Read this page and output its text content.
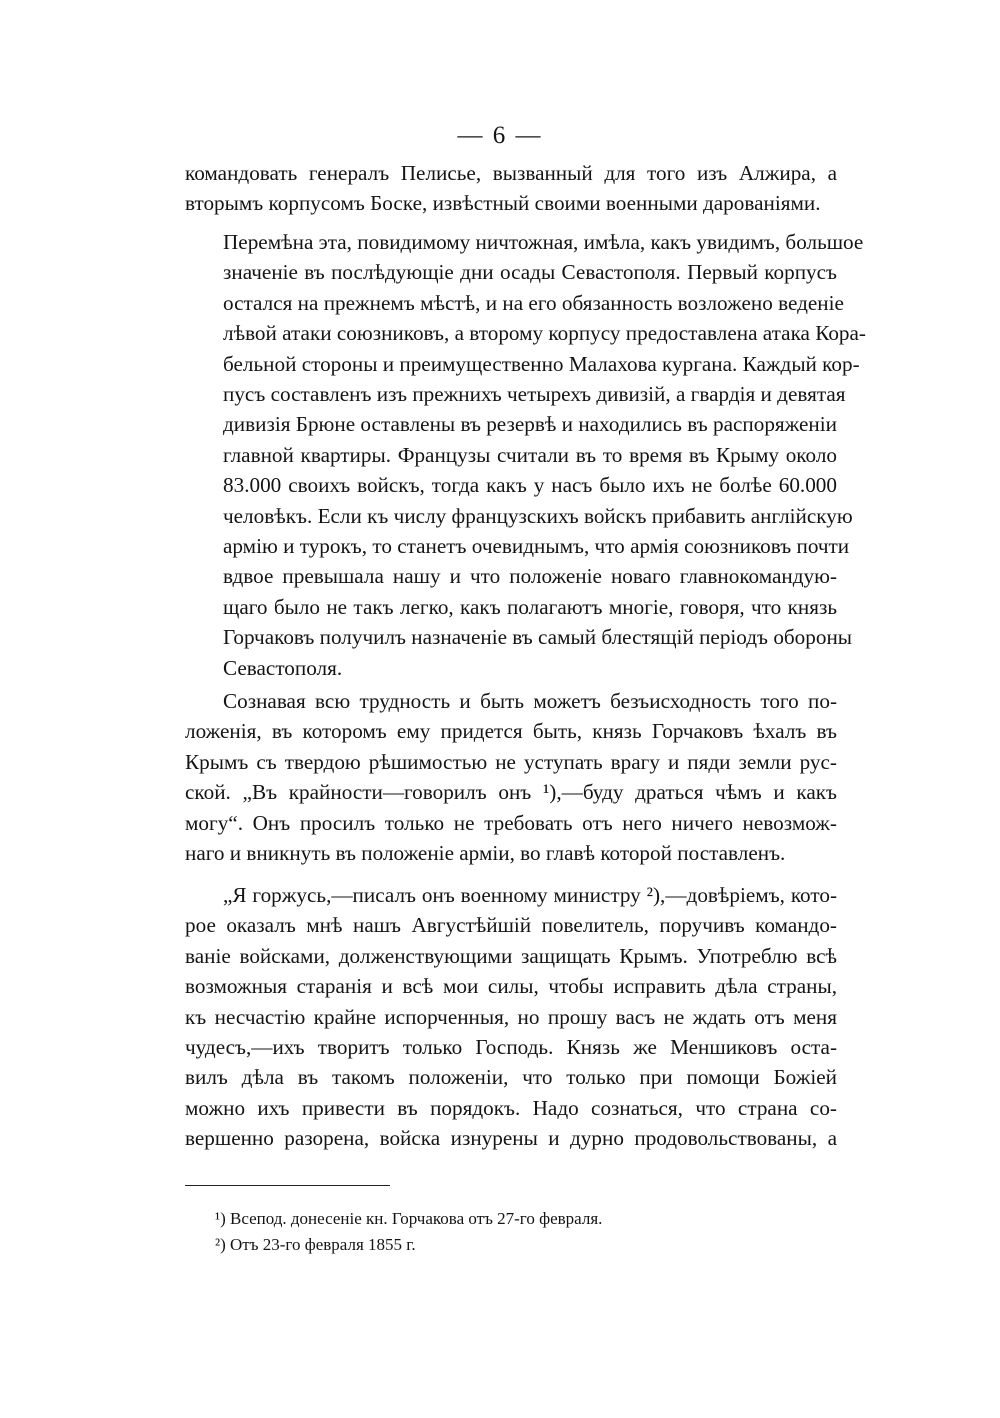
— 6 —

командовать генералъ Пелисье, вызванный для того изъ Алжира, а
вторымъ корпусомъ Боске, извѣстный своими военными дарованiями.

Перемѣна эта, повидимому ничтожная, имѣла, какъ увидимъ, большое
значенiе въ послѣдующiе дни осады Севастополя. Первый корпусъ
остался на прежнемъ мѣстѣ, и на его обязанность возложено веденiе
лѣвой атаки союзниковъ, а второму корпусу предоставлена атака Кора-
бельной стороны и преимущественно Малахова кургана. Каждый кор-
пусъ составленъ изъ прежнихъ четырехъ дивизiй, а гвардiя и девятая
дивизiя Брюне оставлены въ резервѣ и находились въ распоряженiи
главной квартиры. Французы считали въ то время въ Крыму около
83.000 своихъ войскъ, тогда какъ у насъ было ихъ не болѣе 60.000
человѣкъ. Если къ числу французскихъ войскъ прибавить англiйскую
армiю и турокъ, то станетъ очевиднымъ, что армiя союзниковъ почти
вдвое превышала нашу и что положенiе новаго главнокомандую-
щаго было не такъ легко, какъ полагаютъ многiе, говоря, что князь
Горчаковъ получилъ назначенiе въ самый блестящiй перiодъ обороны
Севастополя.

Сознавая всю трудность и быть можетъ безъисходность того по-
ложенiя, въ которомъ ему придется быть, князь Горчаковъ ѣхалъ въ
Крымъ съ твердою рѣшимостью не уступать врагу и пяди земли рус-
ской. „Въ крайности—говорилъ онъ ¹),—буду драться чѣмъ и какъ
могу“. Онъ просилъ только не требовать отъ него ничего невозмож-
наго и вникнуть въ положенiе армiи, во главѣ которой поставленъ.

„Я горжусь,—писалъ онъ военному министру ²),—довѣрiемъ, кото-
рое оказалъ мнѣ нашъ Августѣйшiй повелитель, поручивъ командо-
ванiе войсками, долженствующими защищать Крымъ. Употреблю всѣ
возможныя старанiя и всѣ мои силы, чтобы исправить дѣла страны,
къ несчастiю крайне испорченныя, но прошу васъ не ждать отъ меня
чудесъ,—ихъ творитъ только Господь. Князь же Меншиковъ оста-
вилъ дѣла въ такомъ положенiи, что только при помощи Божiей
можно ихъ привести въ порядокъ. Надо сознаться, что страна со-
вершенно разорена, войска изнурены и дурно продовольствованы, а

¹) Всепод. донесенiе кн. Горчакова отъ 27-го февраля.
²) Отъ 23-го февраля 1855 г.
